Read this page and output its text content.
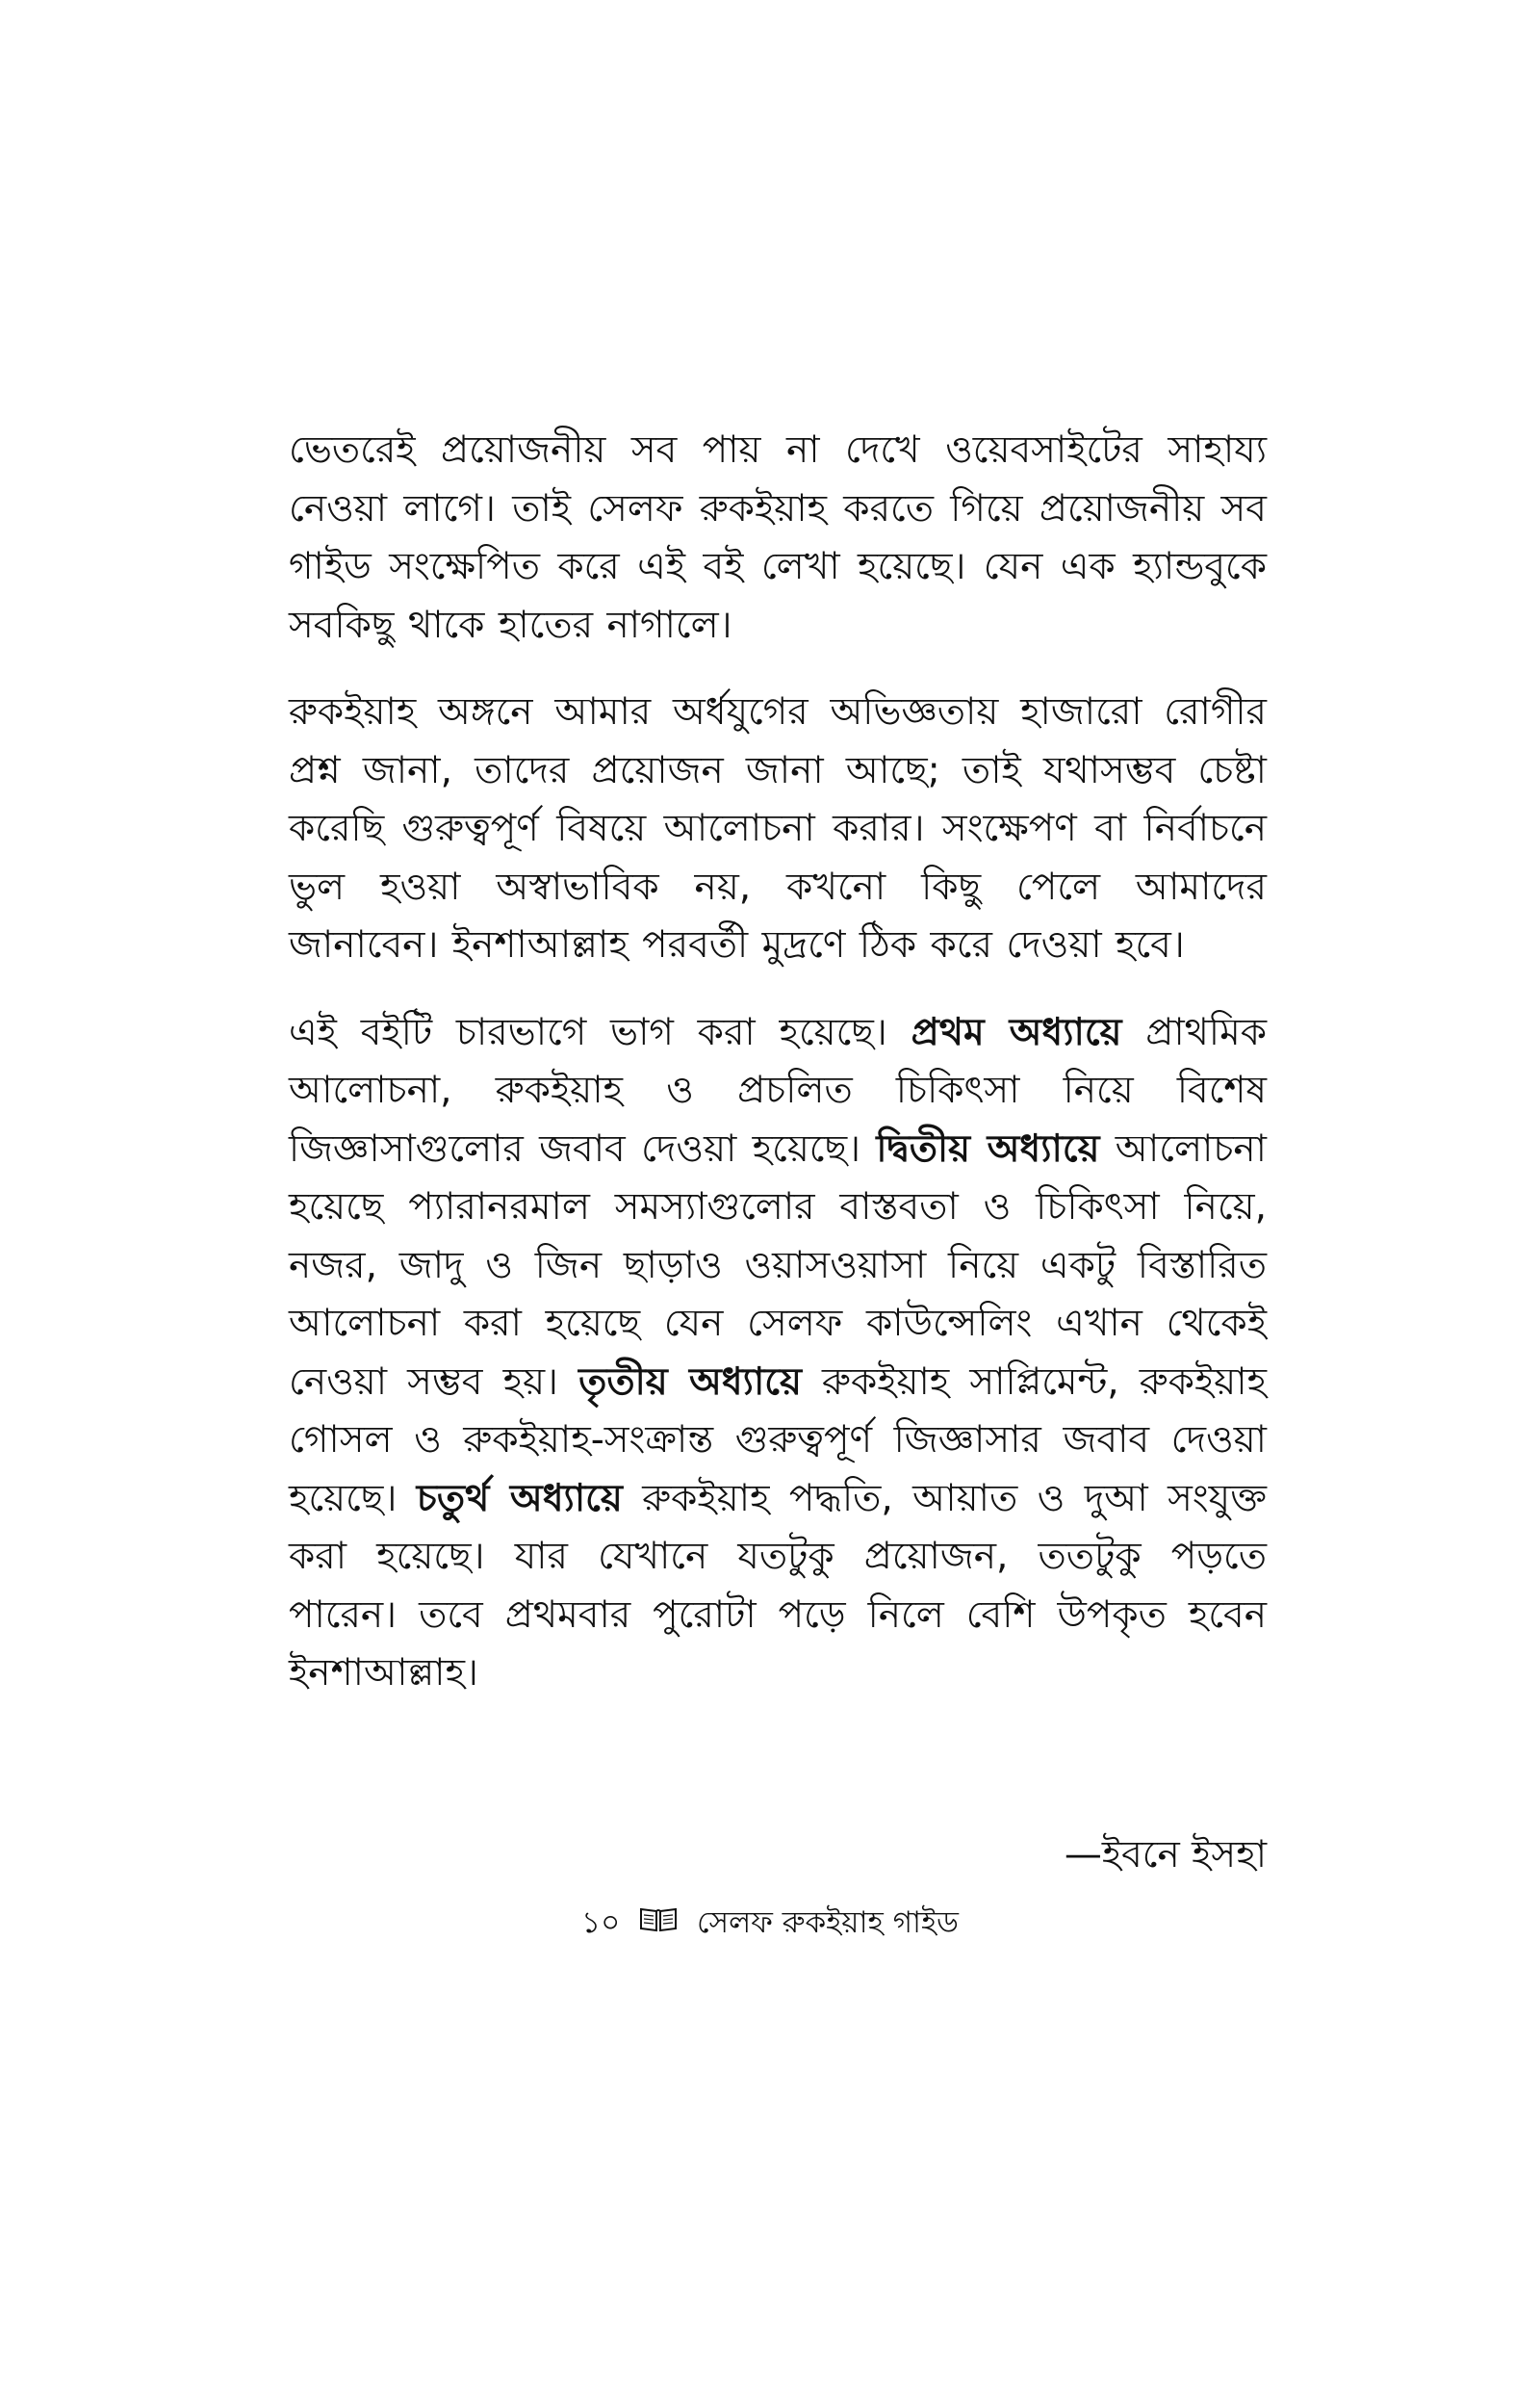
ভেতরেই প্রয়োজনীয় সব পায় না দেখে ওয়েবসাইটের সাহায্য নেওয়া লাগে। তাই সেলফ রুকইয়াহ করতে গিয়ে প্রয়োজনীয় সব গাইড সংক্ষেপিত করে এই বই লেখা হয়েছে। যেন এক হ্যান্ডবুকে সবকিছু থাকে হাতের নাগালে।

রুকইয়াহ অঙ্গনে আমার অর্ধযুগের অভিজ্ঞতায় হাজারো রোগীর প্রশ্ন জানা, তাদের প্রয়োজন জানা আছে; তাই যথাসম্ভব চেষ্টা করেছি গুরুত্বপূর্ণ বিষয়ে আলোচনা করার। সংক্ষেপণ বা নির্বাচনে ভুল হওয়া অস্বাভাবিক নয়, কখনো কিছু পেলে আমাদের জানাবেন। ইনশাআল্লাহ পরবর্তী মুদ্রণে ঠিক করে দেওয়া হবে।

এই বইটি চারভাগে ভাগ করা হয়েছে। প্রথম অধ্যায়ে প্রাথমিক আলোচনা, রুকইয়াহ ও প্রচলিত চিকিৎসা নিয়ে বিশেষ জিজ্ঞাসাগুলোর জবাব দেওয়া হয়েছে। দ্বিতীয় অধ্যায়ে আলোচনা হয়েছে প্যারানরমাল সমস্যাগুলোর বাস্তবতা ও চিকিৎসা নিয়ে, নজর, জাদু ও জিন ছাড়াও ওয়াসওয়াসা নিয়ে একটু বিস্তারিত আলোচনা করা হয়েছে যেন সেলফ কাউন্সেলিং এখান থেকেই নেওয়া সম্ভব হয়। তৃতীয় অধ্যায়ে রুকইয়াহ সাপ্লিমেন্ট, রুকইয়াহ গোসল ও রুকইয়াহ-সংক্রান্ত গুরুত্বপূর্ণ জিজ্ঞাসার জবাব দেওয়া হয়েছে। চতুর্থ অধ্যায়ে রুকইয়াহ পদ্ধতি, আয়াত ও দুআ সংযুক্ত করা হয়েছে। যার যেখানে যতটুকু প্রয়োজন, ততটুকু পড়তে পারেন। তবে প্রথমবার পুরোটা পড়ে নিলে বেশি উপকৃত হবেন ইনশাআল্লাহ।

—ইবনে ইসহা
১০	সেলফ রুকইয়াহ গাইড
